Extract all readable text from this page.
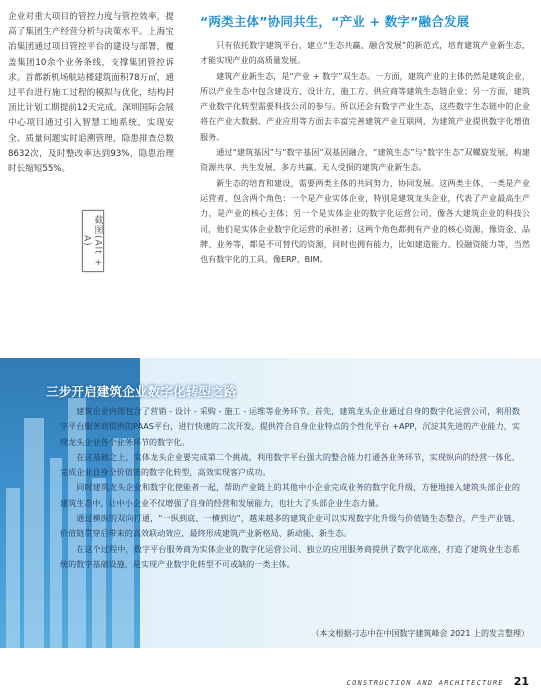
企业对重大项目的管控力度与管控效率，提高了集团生产经营分析与决策水平。上海宝冶集团通过项目管控平台的建设与部署，覆盖集团10余个业务条线，支撑集团管控诉求。首都新机场航站楼建筑面积78万㎡，通过平台进行施工过程的模拟与优化，结构封顶比计划工期提前12天完成。深圳国际会展中心项目通过引入智慧工地系统，实现安全、质量问题实时追溯管理，隐患排查总数8632次，及时整改率达到93%，隐患治理时长缩短55%。

截图(Alt + A)
“两类主体”协同共生，“产业 + 数字”融合发展

只有依托数字建筑平台，建立“生态共赢、融合发展”的新范式，培育建筑产业新生态，才能实现产业的高质量发展。

建筑产业新生态，是“产业 + 数字”双生态。一方面，建筑产业的主体仍然是建筑企业，所以产业生态中包含建设方、设计方、施工方、供应商等建筑生态链企业；另一方面，建筑产业数字化转型需要科技公司的参与。所以还会有数字产业生态，这些数字生态链中的企业将在产业大数据、产业应用等方面去丰富完善建筑产业互联网，为建筑产业提供数字化增值服务。

通过“建筑基因”与“数字基因”双基因融合，“建筑生态”与“数字生态”双螺旋发展，构建资源共享、共生发展、多方共赢、无人受损的建筑产业新生态。

新生态的培育和建设，需要两类主体的共同努力，协同发展。这两类主体，一类是产业运营者，包含两个角色：一个是产业实体企业，特别是建筑龙头企业，代表了产业最高生产力，是产业的核心主体；另一个是实体企业的数字化运营公司，像各大建筑企业的科技公司，他们是实体企业数字化运营的承担者；这两个角色都拥有产业的核心资源，像资金、品牌、业务等，都是不可替代的资源，同时也拥有能力，比如建造能力、投融资能力等，当然也有数字化的工具，像ERP、BIM。

三步开启建筑企业数字化转型之路

建筑企业内部包含了营销 - 设计 - 采购 - 施工 - 运维等业务环节。首先，建筑龙头企业通过自身的数字化运营公司，利用数字平台服务商提供的PAAS平台，进行快速的二次开发，提供符合自身企业特点的个性化平台 +APP，沉淀其先进的产业能力，实现龙头企业各个业务环节的数字化。

在这基础之上，实体龙头企业要完成第二个挑战，利用数字平台强大的整合能力打通各业务环节，实现纵向的经营一体化，完成企业自身全价值链的数字化转型，高效实现客户成功。

同时建筑龙头企业和数字化使能者一起，帮助产业链上的其他中小企业完成业务的数字化升级，方便地接入建筑头部企业的建筑生态中，让中小企业不仅增强了自身的经营和发展能力，也壮大了头部企业生态力量。

通过横纵的双向打通，“一纵到底、一横到边”，越来越多的建筑企业可以实现数字化升级与价值链生态整合，产生产业链、价值链贯穿后带来的高效联动效应，最终形成建筑产业新格局、新动能、新生态。

在这个过程中，数字平台服务商为实体企业的数字化运营公司、独立的应用服务商提供了数字化底座，打造了建筑业生态系统的数字基础设施，是实现产业数字化转型不可或缺的一类主体。

（本文根据刁志中在中国数字建筑峰会 2021 上的发言整理）
CONSTRUCTION AND ARCHITECTURE 21
